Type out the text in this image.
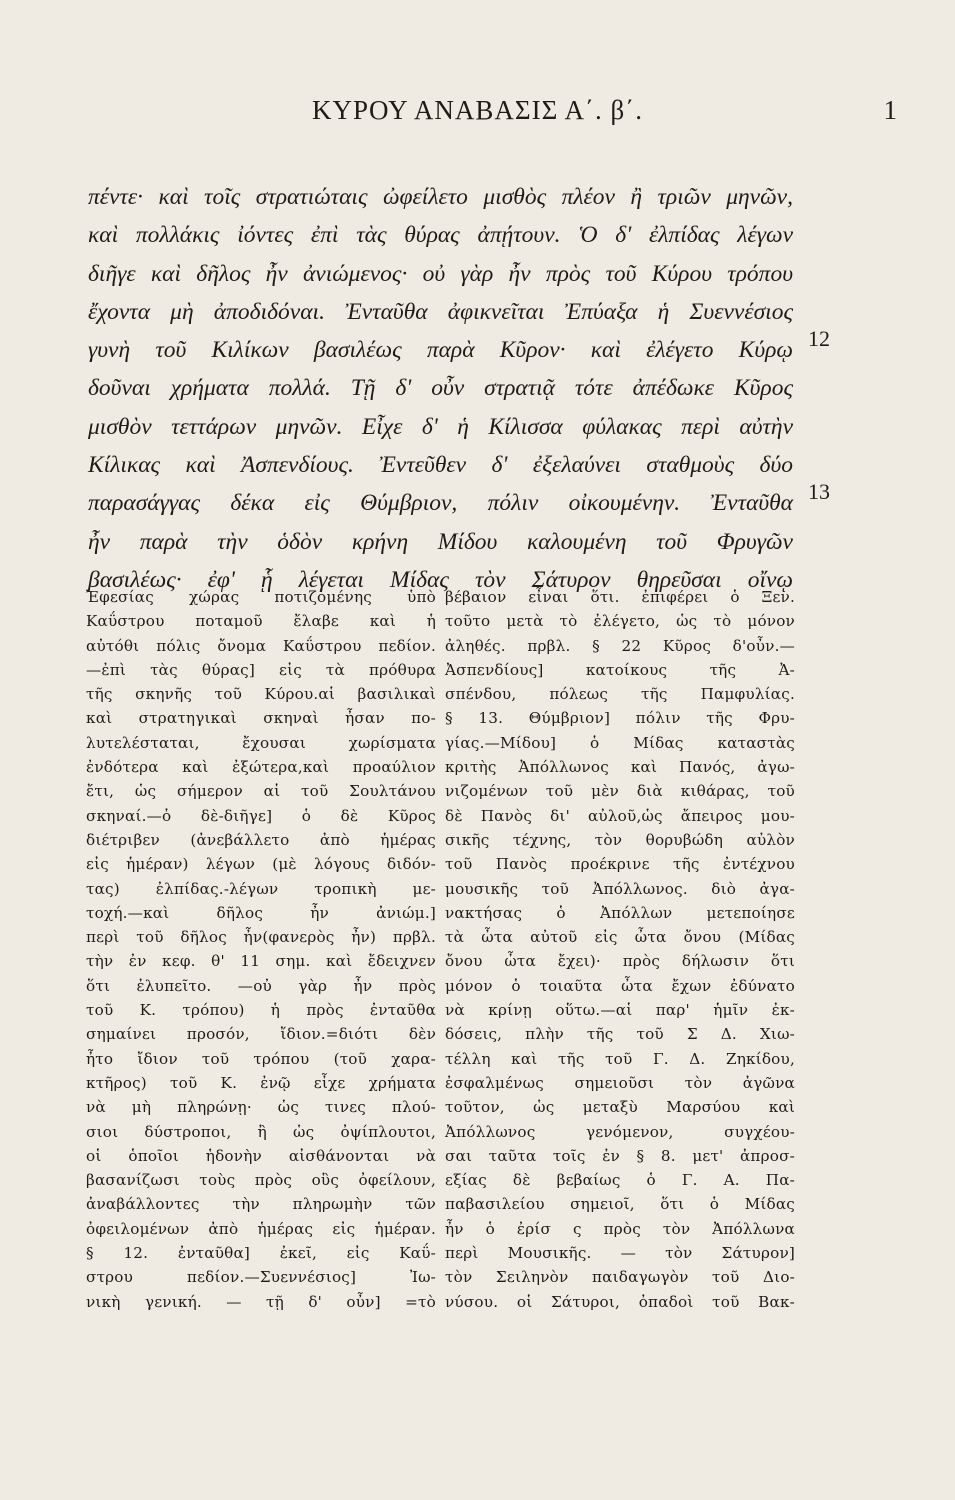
ΚΥΡΟΥ ΑΝΑΒΑΣΙΣ Α΄. β΄.	1
πέντε· καὶ τοῖς στρατιώταις ὠφείλετο μισθὸς πλέον ἢ τριῶν μηνῶν,
καὶ πολλάκις ἰόντες ἐπὶ τὰς θύρας ἀπῄτουν. Ὁ δ' ἐλπίδας λέγων
διῆγε καὶ δῆλος ἦν ἀνιώμενος· οὐ γὰρ ἦν πρὸς τοῦ Κύρου τρόπου
ἔχοντα μὴ ἀποδιδόναι. Ἐνταῦθα ἀφικνεῖται Ἐπύαξα ἡ Συεννέσιος
γυνὴ τοῦ Κιλίκων βασιλέως παρὰ Κῦρον· καὶ ἐλέγετο Κύρῳ
δοῦναι χρήματα πολλά. Τῇ δ' οὖν στρατιᾷ τότε ἀπέδωκε Κῦρος
μισθὸν τεττάρων μηνῶν. Εἶχε δ' ἡ Κίλισσα φύλακας περὶ αὐτὴν
Κίλικας καὶ Ἀσπενδίους. Ἐντεῦθεν δ' ἐξελαύνει σταθμοὺς δύο
παρασάγγας δέκα εἰς Θύμβριον, πόλιν οἰκουμένην. Ἐνταῦθα
ἦν παρὰ τὴν ὁδὸν κρήνη Μίδου καλουμένη τοῦ Φρυγῶν
βασιλέως· ἐφ' ᾗ λέγεται Μίδας τὸν Σάτυρον θηρεῦσαι οἴνῳ
12
13
Ἐφεσίας χώρας ποτιζομένης ὑπὸ
Καΰστρου ποταμοῦ ἔλαβε καὶ ἡ
αὐτόθι πόλις ὄνομα Καΰστρου πεδίον.
—ἐπὶ τὰς θύρας] εἰς τὰ πρόθυρα
τῆς σκηνῆς τοῦ Κύρου.αἱ βασιλικαὶ
καὶ στρατηγικαὶ σκηναὶ ἦσαν πο-
λυτελέσταται, ἔχουσαι χωρίσματα
ἐνδότερα καὶ ἐξώτερα,καὶ προαύλιον
ἔτι, ὡς σήμερον αἱ τοῦ Σουλτάνου
σκηναί.—ὁ δὲ-διῆγε] ὁ δὲ Κῦρος
διέτριβεν (ἀνεβάλλετο ἀπὸ ἡμέρας
εἰς ἡμέραν) λέγων (μὲ λόγους διδόν-
τας) ἐλπίδας.-λέγων τροπικὴ με-
τοχή.—καὶ δῆλος ἦν ἀνιώμ.]
περὶ τοῦ δῆλος ἦν(φανερὸς ἦν) πρβλ.
τὴν ἐν κεφ. θ' 11 σημ. καὶ ἔδειχνεν
ὅτι ἐλυπεῖτο. —οὐ γὰρ ἦν πρὸς
τοῦ Κ. τρόπου) ἡ πρὸς ἐνταῦθα
σημαίνει προσόν, ἴδιον.=διότι δὲν
ἦτο ἴδιον τοῦ τρόπου (τοῦ χαρα-
κτῆρος) τοῦ Κ. ἐνῷ εἶχε χρήματα
νὰ μὴ πληρώνῃ· ὡς τινες πλού-
σιοι δύστροποι, ἢ ὡς ὀψίπλουτοι,
οἱ ὁποῖοι ἡδονὴν αἰσθάνονται νὰ
βασανίζωσι τοὺς πρὸς οὓς ὀφείλουν,
ἀναβάλλοντες τὴν πληρωμὴν τῶν
ὀφειλομένων ἀπὸ ἡμέρας εἰς ἡμέραν.
§ 12. ἐνταῦθα] ἐκεῖ, εἰς Καΰ-
στρου πεδίον.—Συεννέσιος] Ἰω-
νικὴ γενική. — τῇ δ' οὖν] =τὸ
βέβαιον εἶναι ὅτι. ἐπιφέρει ὁ Ξεν.
τοῦτο μετὰ τὸ ἐλέγετο, ὡς τὸ μόνον
ἀληθές. πρβλ. § 22 Κῦρος δ'οὖν.—
Ἀσπενδίους] κατοίκους τῆς Ἀ-
σπένδου, πόλεως τῆς Παμφυλίας.
§ 13. Θύμβριον] πόλιν τῆς Φρυ-
γίας.—Μίδου] ὁ Μίδας καταστὰς
κριτὴς Ἀπόλλωνος καὶ Πανός, ἀγω-
νιζομένων τοῦ μὲν διὰ κιθάρας, τοῦ
δὲ Πανὸς δι' αὐλοῦ,ὡς ἄπειρος μου-
σικῆς τέχνης, τὸν θορυβώδη αὐλὸν
τοῦ Πανὸς προέκρινε τῆς ἐντέχνου
μουσικῆς τοῦ Ἀπόλλωνος. διὸ ἀγα-
νακτήσας ὁ Ἀπόλλων μετεποίησε
τὰ ὦτα αὐτοῦ εἰς ὦτα ὄνου (Μίδας
ὄνου ὦτα ἔχει)· πρὸς δήλωσιν ὅτι
μόνον ὁ τοιαῦτα ὦτα ἔχων ἐδύνατο
νὰ κρίνῃ οὕτω.—αἱ παρ' ἡμῖν ἐκ-
δόσεις, πλὴν τῆς τοῦ Σ Δ. Χιω-
τέλλη καὶ τῆς τοῦ Γ. Δ. Ζηκίδου,
ἐσφαλμένως σημειοῦσι τὸν ἀγῶνα
τοῦτον, ὡς μεταξὺ Μαρσύου καὶ
Ἀπόλλωνος γενόμενον, συγχέου-
σαι ταῦτα τοῖς ἐν § 8. μετ' ἀπροσ-
εξίας δὲ βεβαίως ὁ Γ. Α. Πα-
παβασιλείου σημειοῖ, ὅτι ὁ Μίδας
ἦν ὁ ἐρίσ ς πρὸς τὸν Ἀπόλλωνα
περὶ Μουσικῆς. — τὸν Σάτυρον]
τὸν Σειληνὸν παιδαγωγὸν τοῦ Διο-
νύσου. οἱ Σάτυροι, ὀπαδοὶ τοῦ Βακ-
